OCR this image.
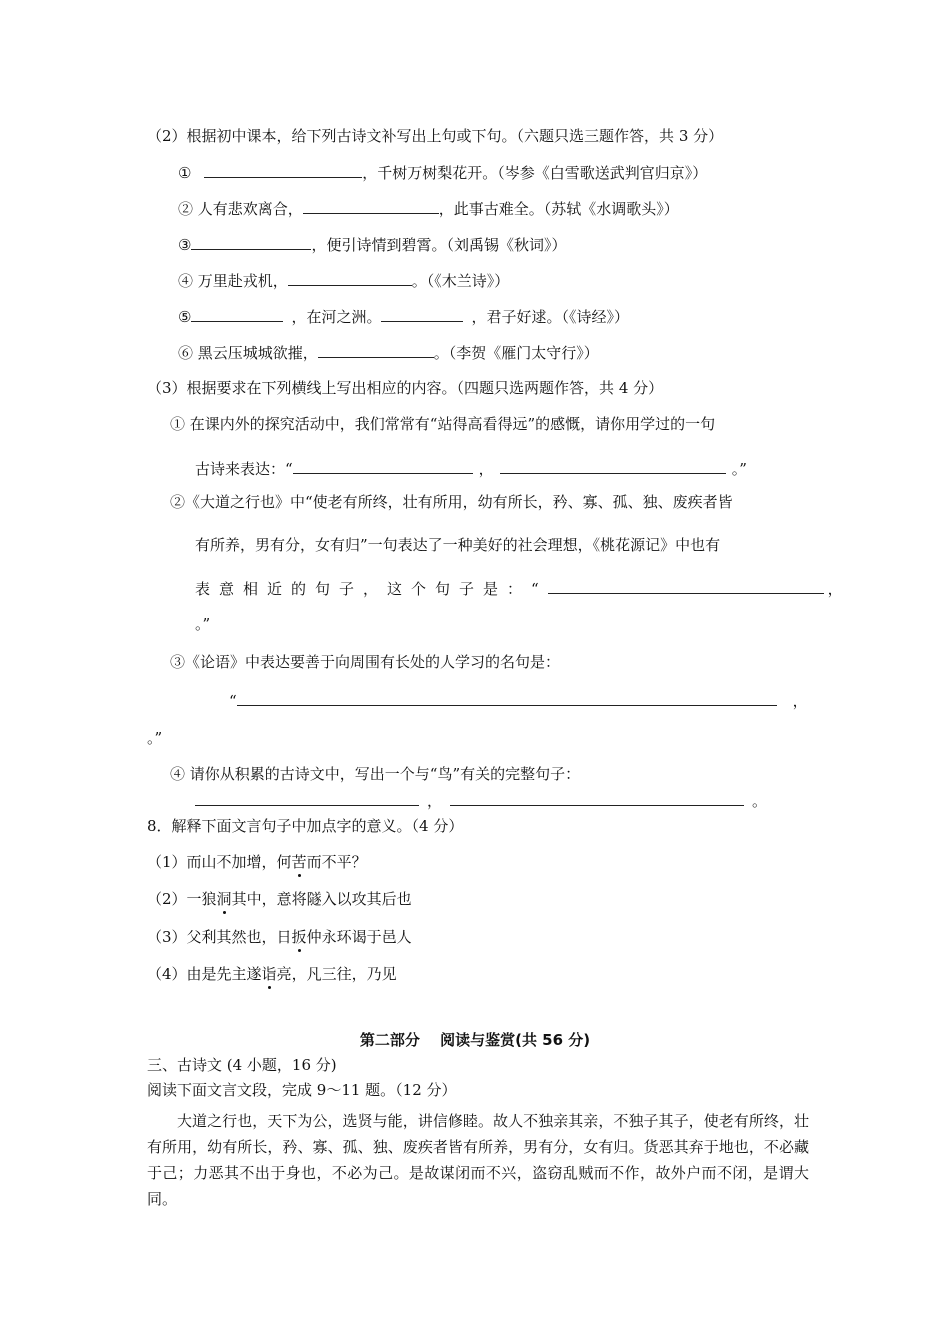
（2）根据初中课本，给下列古诗文补写出上句或下句。（六题只选三题作答，共 3 分）
①	，千树万树梨花开。（岑参《白雪歌送武判官归京》）
② 人有悲欢离合，	，此事古难全。（苏轼《水调歌头》）
③	，便引诗情到碧霄。（刘禹锡《秋词》）
④ 万里赴戎机，	。（《木兰诗》）
⑤	，在河之洲。	，君子好逑。（《诗经》）
⑥ 黑云压城城欲摧，	。（李贺《雁门太守行》）
（3）根据要求在下列横线上写出相应的内容。（四题只选两题作答，共 4 分）
① 在课内外的探究活动中，我们常常有“站得高看得远”的感慨，请你用学过的一句
古诗来表达：“	，	。”
②《大道之行也》中“使老有所终，壮有所用，幼有所长，矜、寡、孤、独、废疾者皆
有所养，男有分，女有归”一句表达了一种美好的社会理想，《桃花源记》中也有
表意相近的句子，这个句子是：“	，
。”
③《论语》中表达要善于向周围有长处的人学习的名句是：
“	，
。”
④ 请你从积累的古诗文中，写出一个与“鸟”有关的完整句子：
，	。
8．解释下面文言句子中加点字的意义。（4 分）
（1）而山不加增，何苦而不平？
（2）一狼洞其中，意将隧入以攻其后也
（3）父利其然也，日扳仲永环谒于邑人
（4）由是先主遂诣亮，凡三往，乃见
第二部分　 阅读与鉴赏(共 56 分)
三、古诗文 (4 小题，16 分)
阅读下面文言文段，完成 9～11 题。（12 分）

大道之行也，天下为公，选贤与能，讲信修睦。故人不独亲其亲，不独子其子，使老有所终，壮有所用，幼有所长，矜、寡、孤、独、废疾者皆有所养，男有分，女有归。货恶其弃于地也，不必藏于己；力恶其不出于身也，不必为己。是故谋闭而不兴，盗窃乱贼而不作，故外户而不闭，是谓大同。
